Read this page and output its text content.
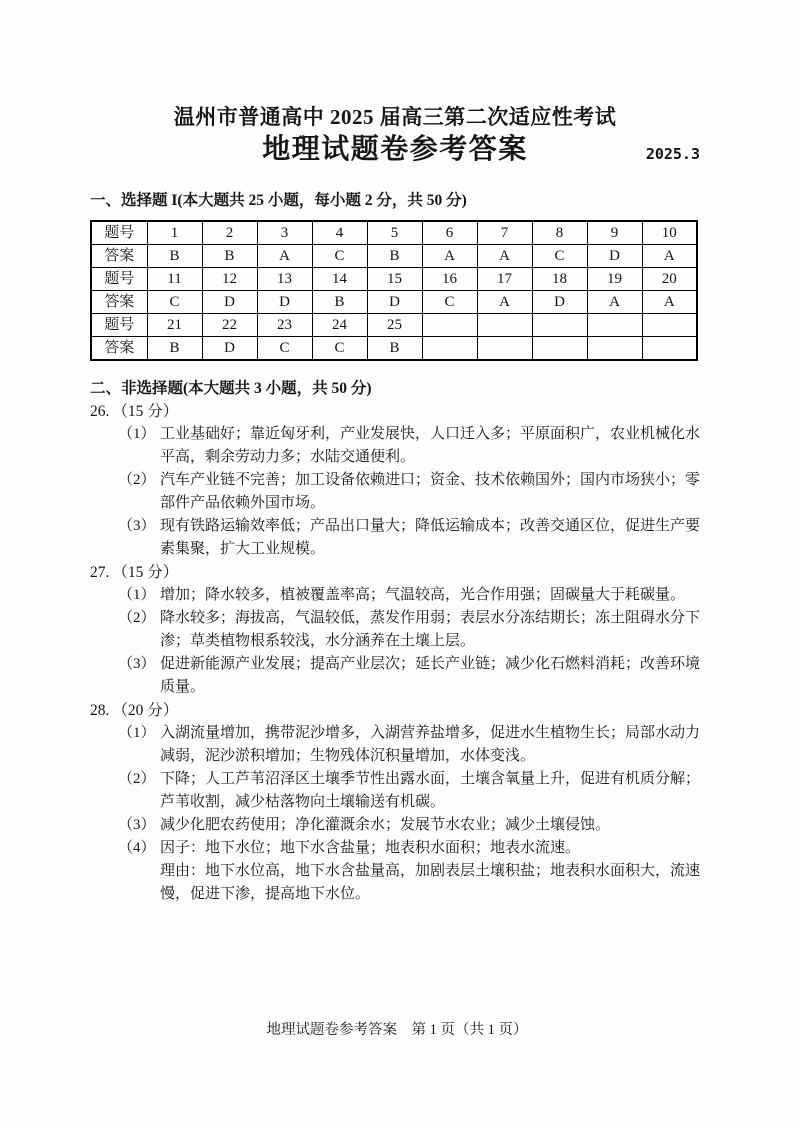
温州市普通高中 2025 届高三第二次适应性考试
地理试题卷参考答案	2025.3
一、选择题 I(本大题共 25 小题，每小题 2 分，共 50 分)
题号	1	2	3	4	5	6	7	8	9	10
答案	B	B	A	C	B	A	A	C	D	A
题号	11	12	13	14	15	16	17	18	19	20
答案	C	D	D	B	D	C	A	D	A	A
题号	21	22	23	24	25					
答案	B	D	C	C	B					
二、非选择题(本大题共 3 小题，共 50 分)
26. （15 分）
（1） 工业基础好；靠近匈牙利，产业发展快，人口迁入多；平原面积广，农业机械化水平高，剩余劳动力多；水陆交通便利。
（2） 汽车产业链不完善；加工设备依赖进口；资金、技术依赖国外；国内市场狭小；零部件产品依赖外国市场。
（3） 现有铁路运输效率低；产品出口量大；降低运输成本；改善交通区位，促进生产要素集聚，扩大工业规模。
27. （15 分）
（1） 增加；降水较多，植被覆盖率高；气温较高，光合作用强；固碳量大于耗碳量。
（2） 降水较多；海拔高，气温较低，蒸发作用弱；表层水分冻结期长；冻土阻碍水分下渗；草类植物根系较浅，水分涵养在土壤上层。
（3） 促进新能源产业发展；提高产业层次；延长产业链；减少化石燃料消耗；改善环境质量。
28. （20 分）
（1） 入湖流量增加，携带泥沙增多，入湖营养盐增多，促进水生植物生长；局部水动力减弱，泥沙淤积增加；生物残体沉积量增加，水体变浅。
（2） 下降；人工芦苇沼泽区土壤季节性出露水面，土壤含氧量上升，促进有机质分解；芦苇收割，减少枯落物向土壤输送有机碳。
（3） 减少化肥农药使用；净化灌溉余水；发展节水农业；减少土壤侵蚀。
（4） 因子：地下水位；地下水含盐量；地表积水面积；地表水流速。
理由：地下水位高，地下水含盐量高，加剧表层土壤积盐；地表积水面积大，流速慢，促进下渗，提高地下水位。
地理试题卷参考答案　第 1 页（共 1 页）
